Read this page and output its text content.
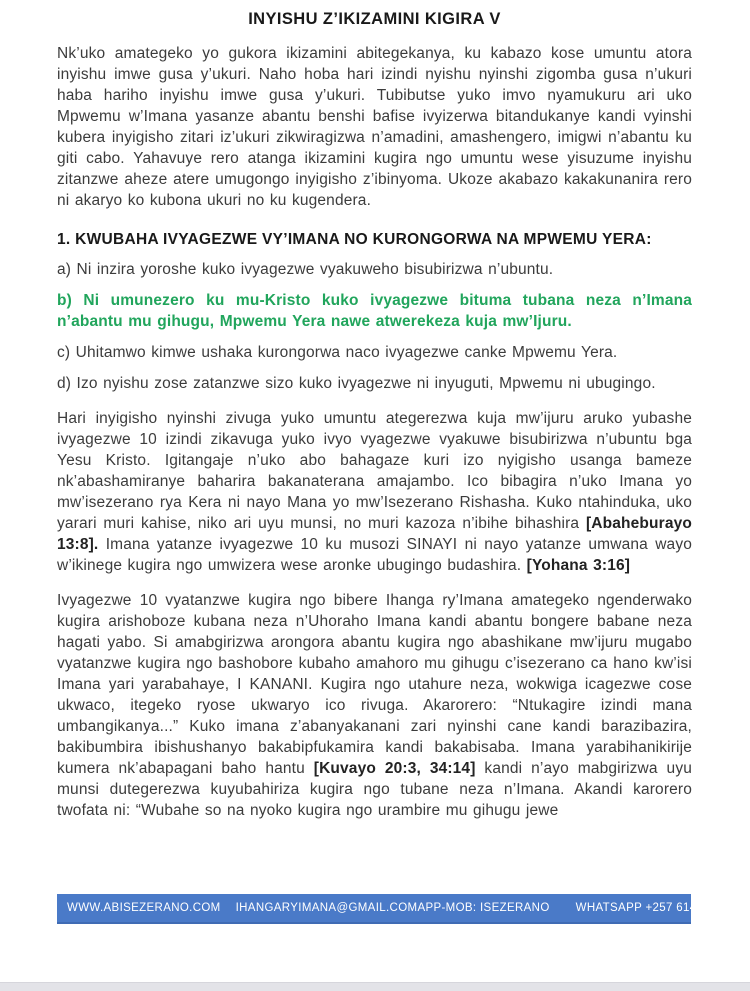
INYISHU Z’IKIZAMINI KIGIRA V

Nk’uko amategeko yo gukora ikizamini abitegekanya, ku kabazo kose umuntu atora inyishu imwe gusa y’ukuri. Naho hoba hari izindi nyishu nyinshi zigomba gusa n’ukuri haba hariho inyishu imwe gusa y’ukuri. Tubibutse yuko imvo nyamukuru ari uko Mpwemu w’Imana yasanze abantu benshi bafise ivyizerwa bitandukanye kandi vyinshi kubera inyigisho zitari iz’ukuri zikwiragizwa n’amadini, amashengero, imigwi n’abantu ku giti cabo. Yahavuye rero atanga ikizamini kugira ngo umuntu wese yisuzume inyishu zitanzwe aheze atere umugongo inyigisho z’ibinyoma. Ukoze akabazo kakakunanira rero ni akaryo ko kubona ukuri no ku kugendera.

1. KWUBAHA IVYAGEZWE VY’IMANA NO KURONGORWA NA MPWEMU YERA:

a) Ni inzira yoroshe kuko ivyagezwe vyakuweho bisubirizwa n’ubuntu.

b) Ni umunezero ku mu-Kristo kuko ivyagezwe bituma tubana neza n’Imana n’abantu mu gihugu, Mpwemu Yera nawe atwerekeza kuja mw’Ijuru.

c) Uhitamwo kimwe ushaka kurongorwa naco ivyagezwe canke Mpwemu Yera.

d) Izo nyishu zose zatanzwe sizo kuko ivyagezwe ni inyuguti, Mpwemu ni ubugingo.

Hari inyigisho nyinshi zivuga yuko umuntu ategerezwa kuja mw’ijuru aruko yubashe ivyagezwe 10 izindi zikavuga yuko ivyo vyagezwe vyakuwe bisubirizwa n’ubuntu bga Yesu Kristo. Igitangaje n’uko abo bahagaze kuri izo nyigisho usanga bameze nk’abashamiranye baharira bakanaterana amajambo. Ico bibagira n’uko Imana yo mw’isezerano rya Kera ni nayo Mana yo mw’Isezerano Rishasha. Kuko ntahinduka, uko yarari muri kahise, niko ari uyu munsi, no muri kazoza n’ibihe bihashira [Abaheburayo 13:8]. Imana yatanze ivyagezwe 10 ku musozi SINAYI ni nayo yatanze umwana wayo w’ikinege kugira ngo umwizera wese aronke ubugingo budashira. [Yohana 3:16]

Ivyagezwe 10 vyatanzwe kugira ngo bibere Ihanga ry’Imana amategeko ngenderwako kugira arishoboze kubana neza n’Uhoraho Imana kandi abantu bongere babane neza hagati yabo. Si amabgirizwa arongora abantu kugira ngo abashikane mw’ijuru mugabo vyatanzwe kugira ngo bashobore kubaho amahoro mu gihugu c’isezerano ca hano kw’isi Imana yari yarabahaye, I KANANI. Kugira ngo utahure neza, wokwiga icagezwe cose ukwaco, itegeko ryose ukwaryo ico rivuga. Akarorero: “Ntukagire izindi mana umbangikanya...” Kuko imana z’abanyakanani zari nyinshi cane kandi barazibazira, bakibumbira ibishushanyo bakabipfukamira kandi bakabisaba. Imana yarabihanikirije kumera nk’abapagani baho hantu [Kuvayo 20:3, 34:14] kandi n’ayo mabgirizwa uyu munsi dutegerezwa kuyubahiriza kugira ngo tubane neza n’Imana. Akandi karorero twofata ni: “Wubahe so na nyoko kugira ngo urambire mu gihugu jewe

WWW.ABISEZERANO.COM IHANGARYIMANA@GMAIL.COM APP-MOB: ISEZERANO WHATSAPP +257 61404181
